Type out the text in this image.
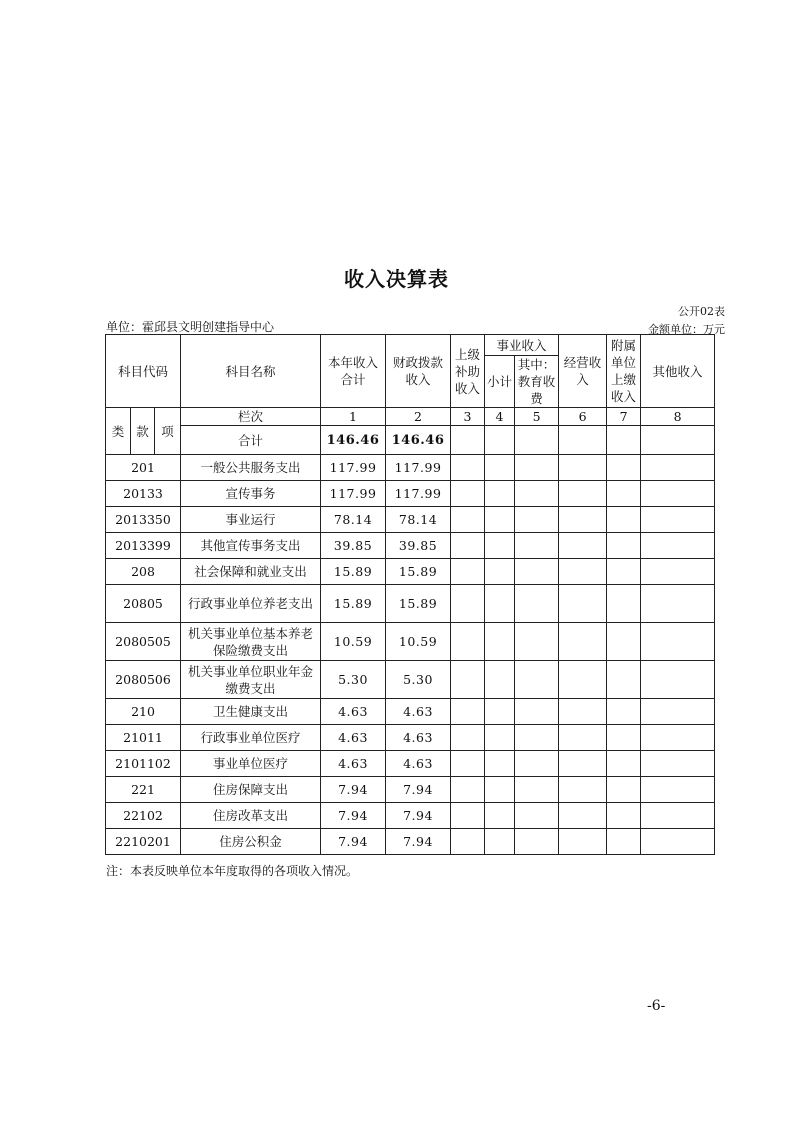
收入决算表
公开02表
单位：霍邱县文明创建指导中心	金额单位：万元
科目代码			科目名称	本年收入合计	财政拨款收入	上级补助收入	事业收入		经营收入	附属单位上缴收入	其他收入
							小计	其中：教育收费			
类	款	项	栏次	1	2	3	4	5	6	7	8
			合计	146.46	146.46						
201			一般公共服务支出	117.99	117.99						
20133			宣传事务	117.99	117.99						
2013350			事业运行	78.14	78.14						
2013399			其他宣传事务支出	39.85	39.85						
208			社会保障和就业支出	15.89	15.89						
20805			行政事业单位养老支出	15.89	15.89						
2080505			机关事业单位基本养老保险缴费支出	10.59	10.59						
2080506			机关事业单位职业年金缴费支出	5.30	5.30						
210			卫生健康支出	4.63	4.63						
21011			行政事业单位医疗	4.63	4.63						
2101102			事业单位医疗	4.63	4.63						
221			住房保障支出	7.94	7.94						
22102			住房改革支出	7.94	7.94						
2210201			住房公积金	7.94	7.94						
注：本表反映单位本年度取得的各项收入情况。
-6-
